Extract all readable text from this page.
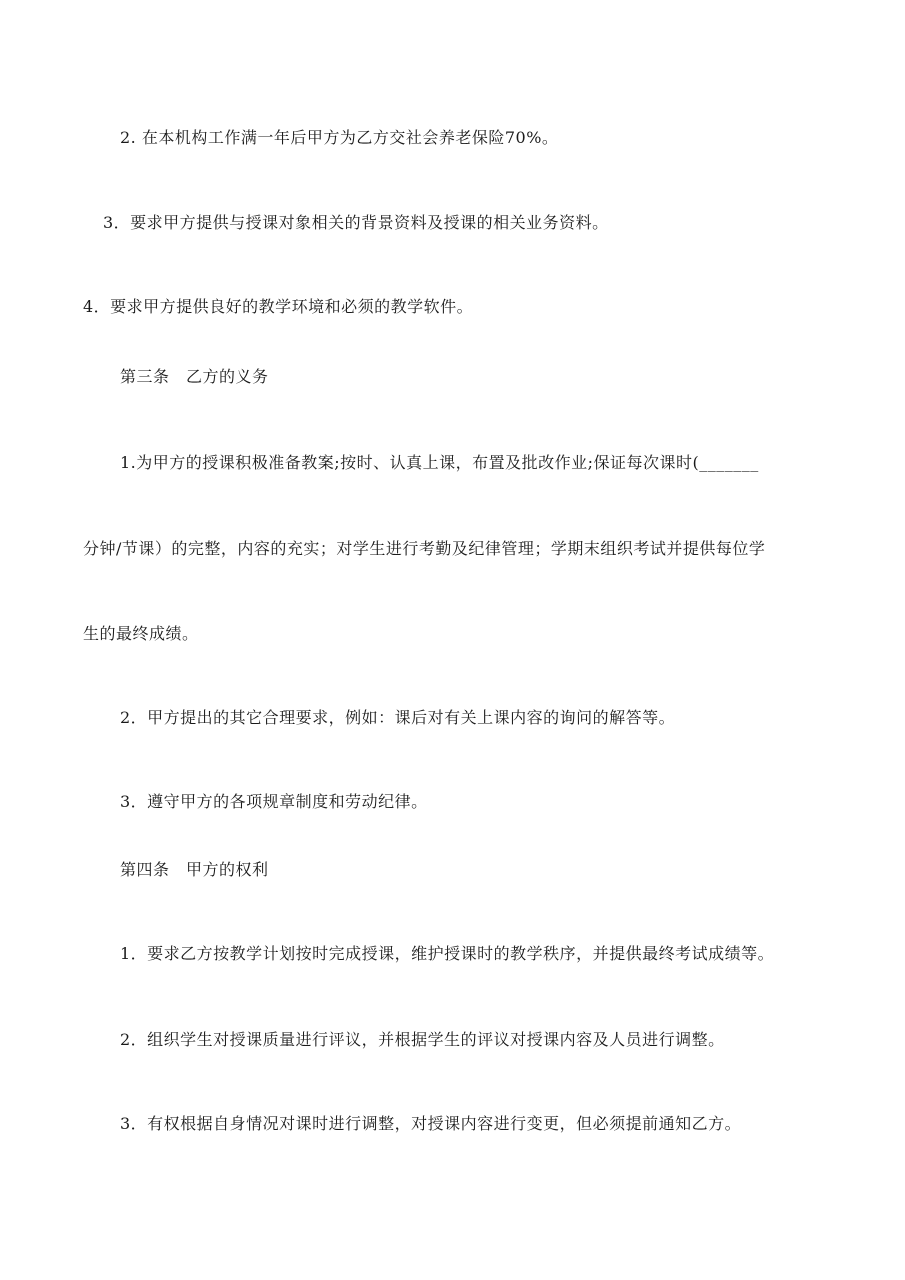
2. 在本机构工作满一年后甲方为乙方交社会养老保险70%。
3．要求甲方提供与授课对象相关的背景资料及授课的相关业务资料。
4．要求甲方提供良好的教学环境和必须的教学软件。
第三条　乙方的义务
1.为甲方的授课积极准备教案;按时、认真上课，布置及批改作业;保证每次课时(_______
分钟/节课）的完整，内容的充实；对学生进行考勤及纪律管理；学期末组织考试并提供每位学
生的最终成绩。
2．甲方提出的其它合理要求，例如：课后对有关上课内容的询问的解答等。
3．遵守甲方的各项规章制度和劳动纪律。
第四条　甲方的权利
1．要求乙方按教学计划按时完成授课，维护授课时的教学秩序，并提供最终考试成绩等。
2．组织学生对授课质量进行评议，并根据学生的评议对授课内容及人员进行调整。
3．有权根据自身情况对课时进行调整，对授课内容进行变更，但必须提前通知乙方。
